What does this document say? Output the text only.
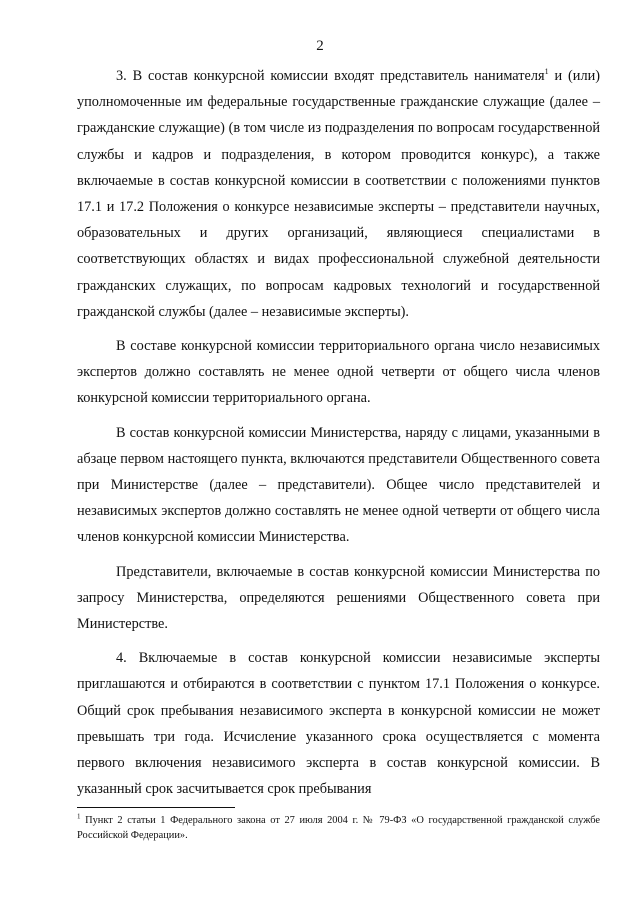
2

3. В состав конкурсной комиссии входят представитель нанимателя$^1$ и (или) уполномоченные им федеральные государственные гражданские служащие (далее – гражданские служащие) (в том числе из подразделения по вопросам государственной службы и кадров и подразделения, в котором проводится конкурс), а также включаемые в состав конкурсной комиссии в соответствии с положениями пунктов 17.1 и 17.2 Положения о конкурсе независимые эксперты – представители научных, образовательных и других организаций, являющиеся специалистами в соответствующих областях и видах профессиональной служебной деятельности гражданских служащих, по вопросам кадровых технологий и государственной гражданской службы (далее – независимые эксперты).

В составе конкурсной комиссии территориального органа число независимых экспертов должно составлять не менее одной четверти от общего числа членов конкурсной комиссии территориального органа.

В состав конкурсной комиссии Министерства, наряду с лицами, указанными в абзаце первом настоящего пункта, включаются представители Общественного совета при Министерстве (далее – представители). Общее число представителей и независимых экспертов должно составлять не менее одной четверти от общего числа членов конкурсной комиссии Министерства.

Представители, включаемые в состав конкурсной комиссии Министерства по запросу Министерства, определяются решениями Общественного совета при Министерстве.

4. Включаемые в состав конкурсной комиссии независимые эксперты приглашаются и отбираются в соответствии с пунктом 17.1 Положения о конкурсе. Общий срок пребывания независимого эксперта в конкурсной комиссии не может превышать три года. Исчисление указанного срока осуществляется с момента первого включения независимого эксперта в состав конкурсной комиссии. В указанный срок засчитывается срок пребывания

$^1$ Пункт 2 статьи 1 Федерального закона от 27 июля 2004 г. № 79-ФЗ «О государственной гражданской службе Российской Федерации».
